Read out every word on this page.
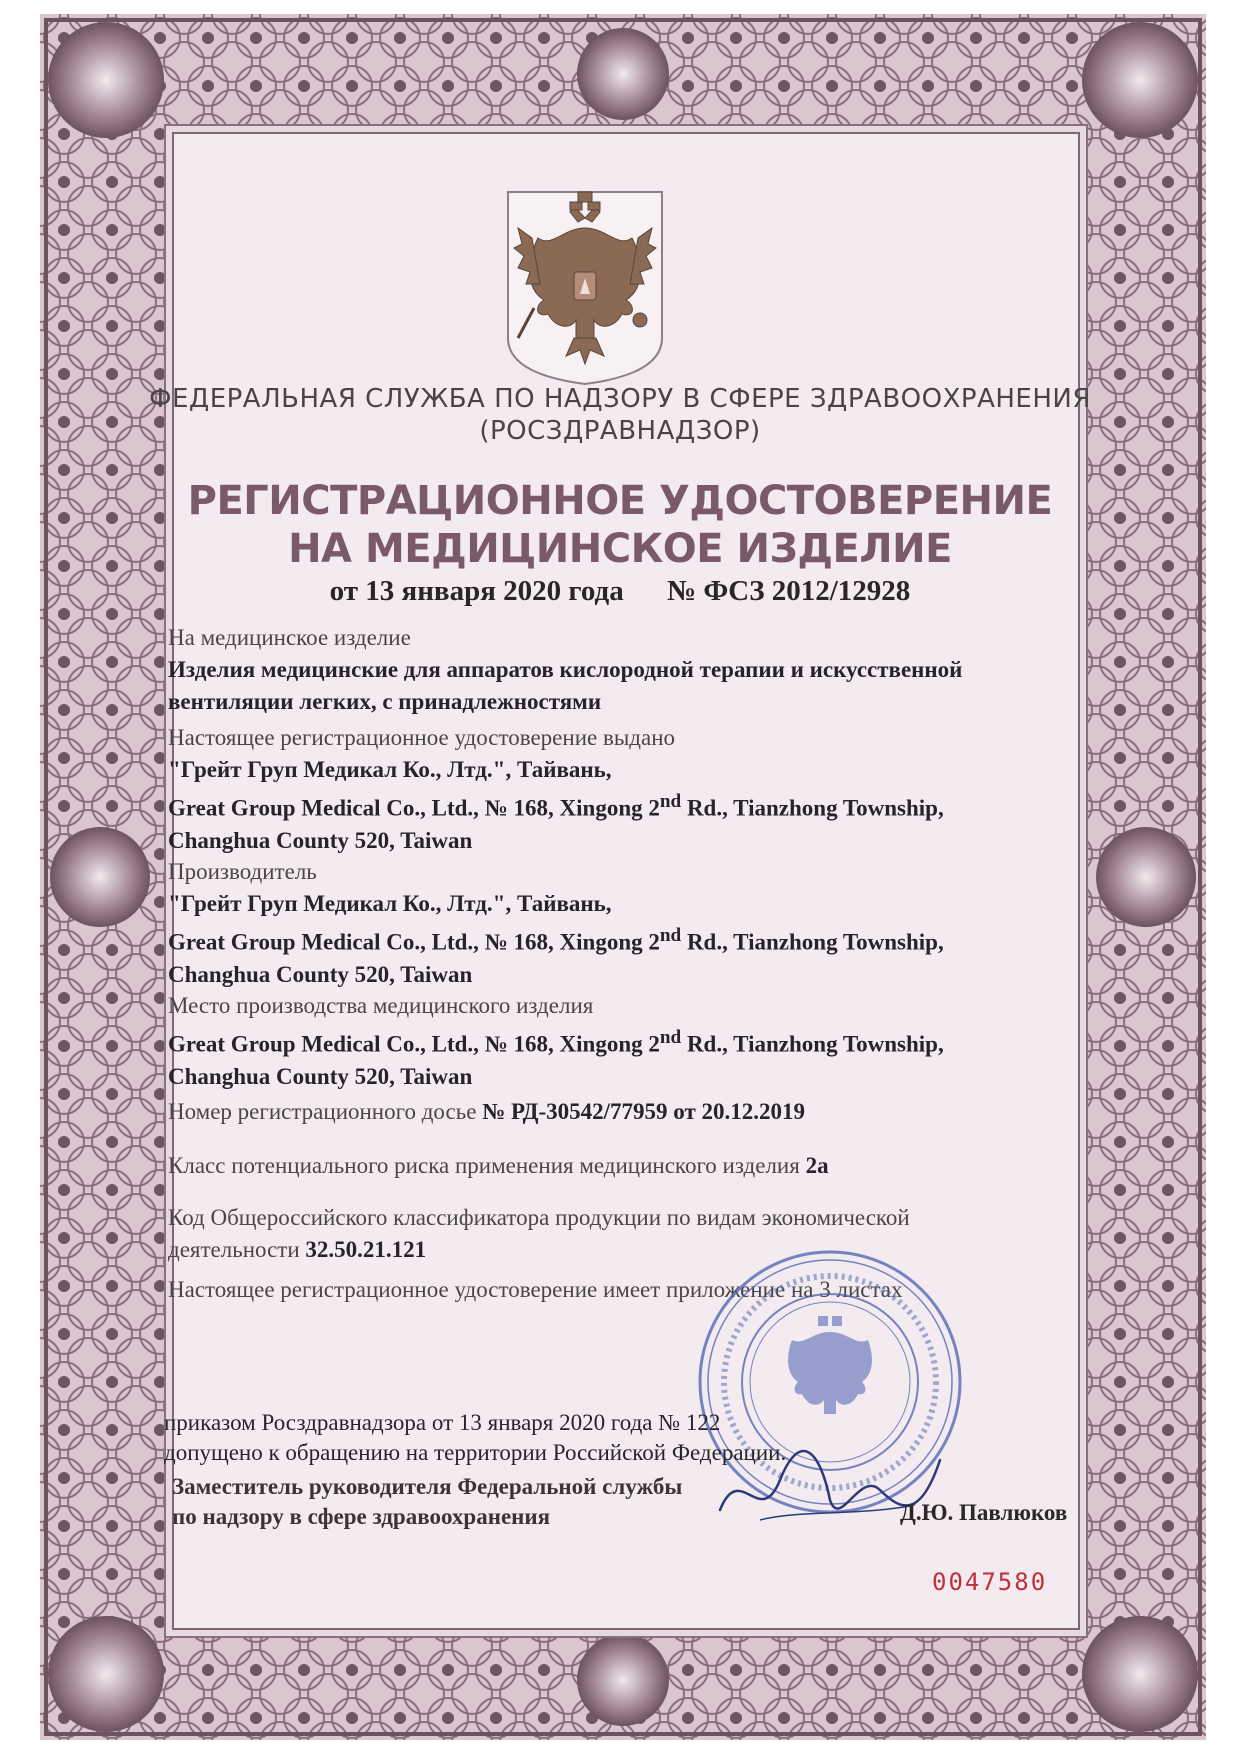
ФЕДЕРАЛЬНАЯ СЛУЖБА ПО НАДЗОРУ В СФЕРЕ ЗДРАВООХРАНЕНИЯ
(РОСЗДРАВНАДЗОР)
РЕГИСТРАЦИОННОЕ УДОСТОВЕРЕНИЕ
НА МЕДИЦИНСКОЕ ИЗДЕЛИЕ
от 13 января 2020 года № ФСЗ 2012/12928
На медицинское изделие
Изделия медицинские для аппаратов кислородной терапии и искусственной
вентиляции легких, с принадлежностями
Настоящее регистрационное удостоверение выдано
"Грейт Груп Медикал Ко., Лтд.", Тайвань,
Great Group Medical Co., Ltd., № 168, Xingong 2nd Rd., Tianzhong Township,
Changhua County 520, Taiwan
Производитель
"Грейт Груп Медикал Ко., Лтд.", Тайвань,
Great Group Medical Co., Ltd., № 168, Xingong 2nd Rd., Tianzhong Township,
Changhua County 520, Taiwan
Место производства медицинского изделия
Great Group Medical Co., Ltd., № 168, Xingong 2nd Rd., Tianzhong Township,
Changhua County 520, Taiwan
Номер регистрационного досье № РД-30542/77959 от 20.12.2019
Класс потенциального риска применения медицинского изделия 2а
Код Общероссийского классификатора продукции по видам экономической
деятельности 32.50.21.121
Настоящее регистрационное удостоверение имеет приложение на 3 листах
приказом Росздравнадзора от 13 января 2020 года № 122
допущено к обращению на территории Российской Федерации.
Заместитель руководителя Федеральной службы
по надзору в сфере здравоохранения	Д.Ю. Павлюков
0047580
